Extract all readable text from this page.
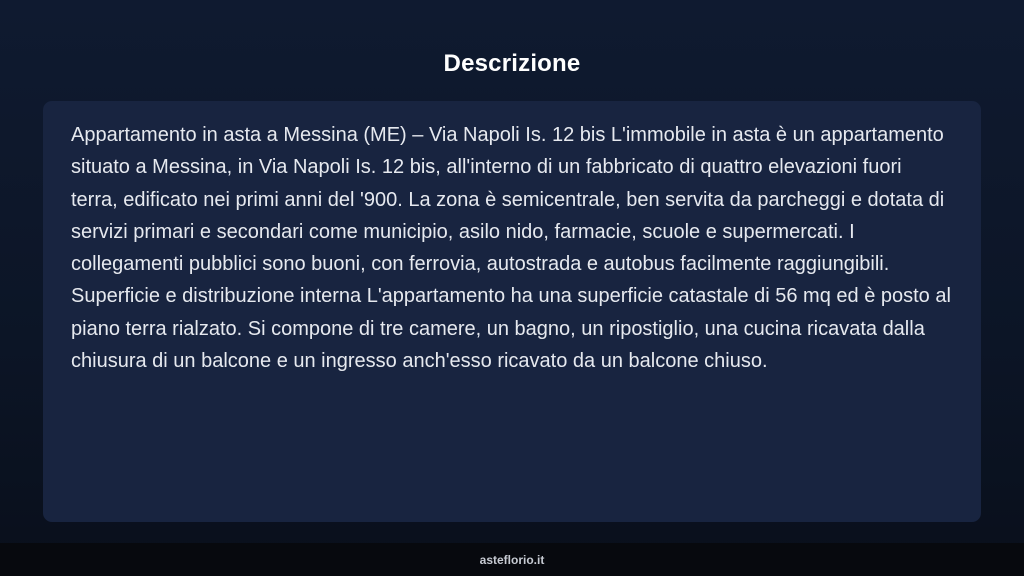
Descrizione

Appartamento in asta a Messina (ME) – Via Napoli Is. 12 bis L'immobile in asta è un appartamento situato a Messina, in Via Napoli Is. 12 bis, all'interno di un fabbricato di quattro elevazioni fuori terra, edificato nei primi anni del '900. La zona è semicentrale, ben servita da parcheggi e dotata di servizi primari e secondari come municipio, asilo nido, farmacie, scuole e supermercati. I collegamenti pubblici sono buoni, con ferrovia, autostrada e autobus facilmente raggiungibili. Superficie e distribuzione interna L'appartamento ha una superficie catastale di 56 mq ed è posto al piano terra rialzato. Si compone di tre camere, un bagno, un ripostiglio, una cucina ricavata dalla chiusura di un balcone e un ingresso anch'esso ricavato da un balcone chiuso.

asteflorio.it
